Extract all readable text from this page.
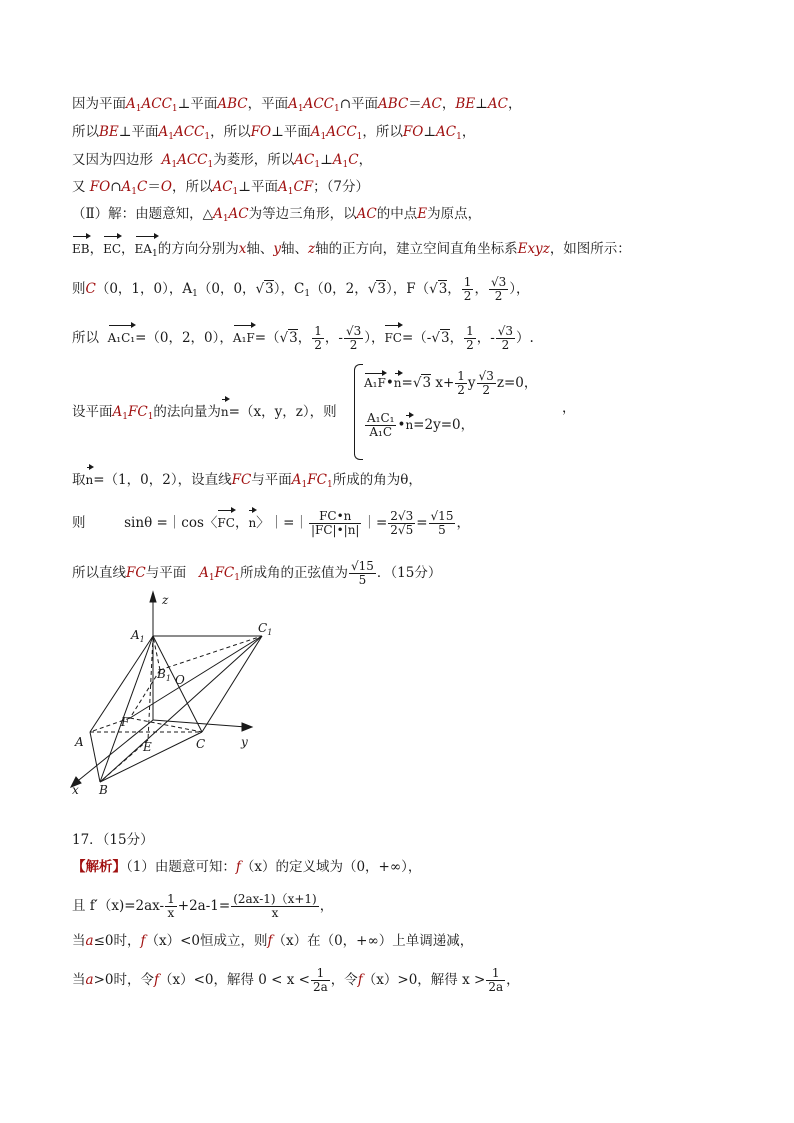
因为平面$A_1ACC_1\perp$平面ABC，平面$A_1ACC_1\cap$平面ABC＝AC，BE⊥AC，
所以BE⊥平面$A_1ACC_1$，所以FO⊥平面$A_1ACC_1$，所以$FO\perp AC_1$，
又因为四边形 $A_1ACC_1$为菱形，所以$AC_1\perp A_1C$，
又 $FO\cap A_1C=O$，所以$AC_1\perp$平面$A_1CF$；（7分）
（Ⅱ）解：由题意知，$\triangle A_1AC$为等边三角形，以AC的中点E为原点，
EB，EC，$EA_1$的方向分别为x轴、y轴、z轴的正方向，建立空间直角坐标系Exyz，如图所示：
则C（0，1，0），$A_1(0$，0，√3），$C_1(0$，2，√3），F（√3， $\frac{1}{2}$ ， $\frac{√3}{2}$ ），
所以 A₁C₁=（0，2，0），A₁F=（√3， $\frac{1}{2}$ ，- $\frac{√3}{2}$ ），FC=（-√3， $\frac{1}{2}$ ，- $\frac{√3}{2}$ ）.
设平面$A_1FC_1$的法向量为n=（x，y，z），则
A₁F•n=√3 $x+ \frac{1}{2}$ y $\frac{√3}{2} z=0$，
$\frac{\text{A₁C₁}}{\text{A₁C}}$ •n=2y=0，
，
取n=（1，0，2），设直线FC与平面$A_1FC_1$所成的角为θ，
则	sinθ =｜cos〈FC，n〉｜=｜ $\frac{FC•n}{|FC|•|n|}$ ｜= $\frac{2√3}{2√5} = \frac{√15}{5}$ ，
所以直线FC与平面 $A_1FC_1$所成角的正弦值为 $\frac{√15}{5}$ ．（15分）
z
y
x
$A_1$
$C_1$
$B_1$ O
F
A	E	C
B
17．（15分）
【解析】（1）由题意可知：f（x）的定义域为（0，+∞），
且 $f'(x)=2ax- \frac{1}{x} +2a-1= \frac{(2ax-1)(x+1)}{x}$ ，
当a≤0时，f（x）<0恒成立，则f（x）在（0，+∞）上单调递减，
当a>0时，令f（x）<0，解得 $0 < x < \frac{1}{2a}$ ，令f（x）>0，解得 $x > \frac{1}{2a}$ ，
